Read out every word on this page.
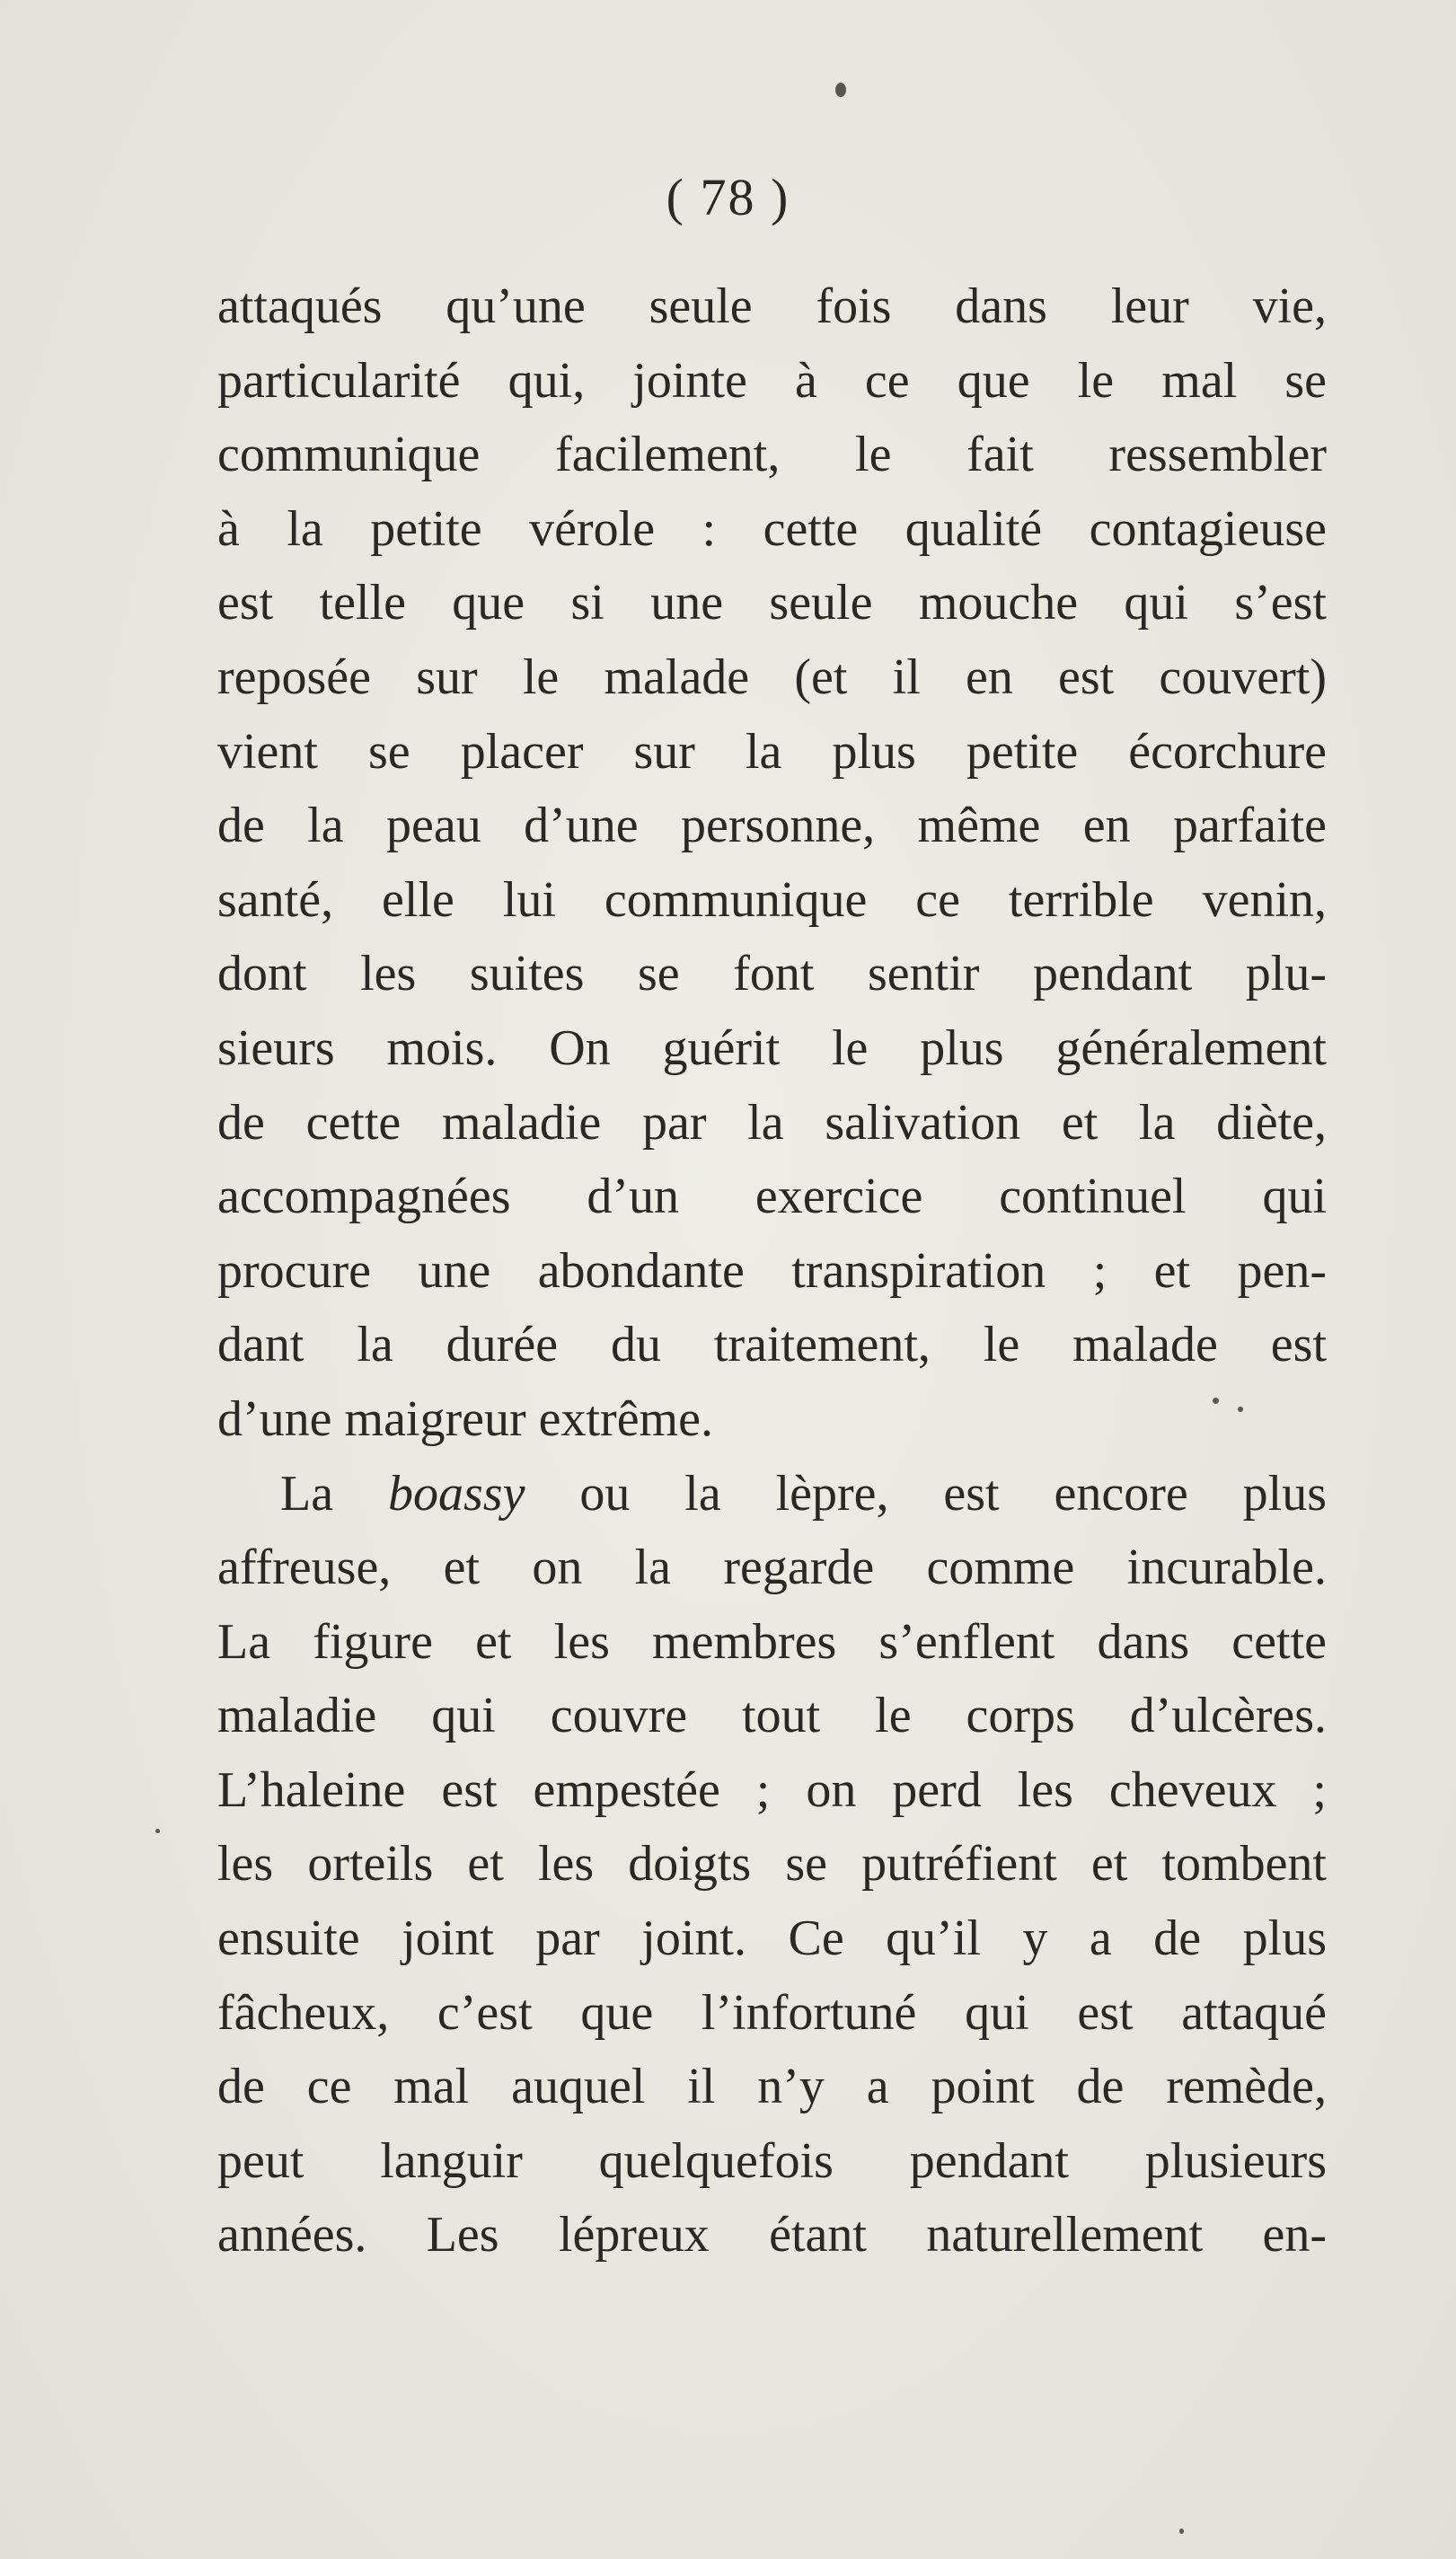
( 78 )
attaqués qu’une seule fois dans leur vie,
particularité qui, jointe à ce que le mal se
communique facilement, le fait ressembler
à la petite vérole : cette qualité contagieuse
est telle que si une seule mouche qui s’est
reposée sur le malade (et il en est couvert)
vient se placer sur la plus petite écorchure
de la peau d’une personne, même en parfaite
santé, elle lui communique ce terrible venin,
dont les suites se font sentir pendant plu-
sieurs mois. On guérit le plus généralement
de cette maladie par la salivation et la diète,
accompagnées d’un exercice continuel qui
procure une abondante transpiration ; et pen-
dant la durée du traitement, le malade est
d’une maigreur extrême.
La boassy ou la lèpre, est encore plus
affreuse, et on la regarde comme incurable.
La figure et les membres s’enflent dans cette
maladie qui couvre tout le corps d’ulcères.
L’haleine est empestée ; on perd les cheveux ;
les orteils et les doigts se putréfient et tombent
ensuite joint par joint. Ce qu’il y a de plus
fâcheux, c’est que l’infortuné qui est attaqué
de ce mal auquel il n’y a point de remède,
peut languir quelquefois pendant plusieurs
années. Les lépreux étant naturellement en-
